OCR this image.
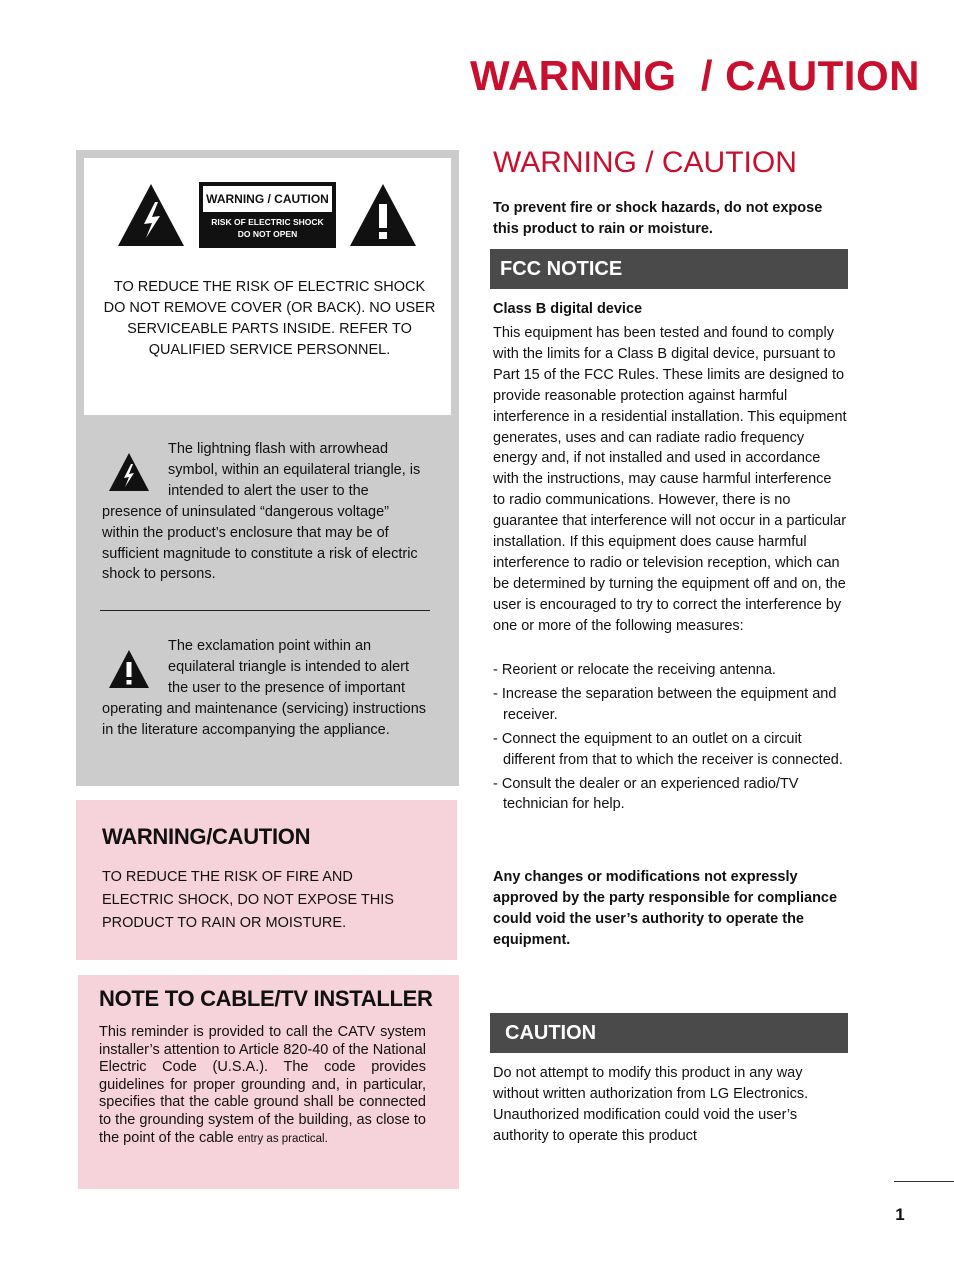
WARNING  / CAUTION
WARNING / CAUTION
RISK OF ELECTRIC SHOCK
DO NOT OPEN

TO REDUCE THE RISK OF ELECTRIC SHOCK DO NOT REMOVE COVER (OR BACK). NO USER SERVICEABLE PARTS INSIDE. REFER TO QUALIFIED SERVICE PERSONNEL.

The lightning flash with arrowhead symbol, within an equilateral triangle, is intended to alert the user to the presence of uninsulated “dangerous voltage” within the product’s enclosure that may be of sufficient magnitude to constitute a risk of electric shock to persons.

The exclamation point within an equilateral triangle is intended to alert the user to the presence of important operating and maintenance (servicing) instructions in the literature accompanying the appliance.

WARNING/CAUTION

TO REDUCE THE RISK OF FIRE AND ELECTRIC SHOCK, DO NOT EXPOSE THIS PRODUCT TO RAIN OR MOISTURE.

NOTE TO CABLE/TV INSTALLER

This reminder is provided to call the CATV system installer’s attention to Article 820-40 of the National Electric Code (U.S.A.). The code provides guidelines for proper grounding and, in particular, specifies that the cable ground shall be connected to the grounding system of the building, as close to the point of the cable entry as practical.

WARNING / CAUTION

To prevent fire or shock hazards, do not expose this product to rain or moisture.

FCC NOTICE

Class B digital device

This equipment has been tested and found to comply with the limits for a Class B digital device, pursuant to Part 15 of the FCC Rules. These limits are designed to provide reasonable protection against harmful interference in a residential installation. This equipment generates, uses and can radiate radio frequency energy and, if not installed and used in accordance with the instructions, may cause harmful interference to radio communications. However, there is no guarantee that interference will not occur in a particular installation. If this equipment does cause harmful interference to radio or television reception, which can be determined by turning the equipment off and on, the user is encouraged to try to correct the interference by one or more of the following measures:

- Reorient or relocate the receiving antenna.
- Increase the separation between the equipment and receiver.
- Connect the equipment to an outlet on a circuit different from that to which the receiver is connected.
- Consult the dealer or an experienced radio/TV technician for help.

Any changes or modifications not expressly approved by the party responsible for compliance could void the user’s authority to operate the equipment.

CAUTION

Do not attempt to modify this product in any way without written authorization from LG Electronics. Unauthorized modification could void the user’s authority to operate this product

1
